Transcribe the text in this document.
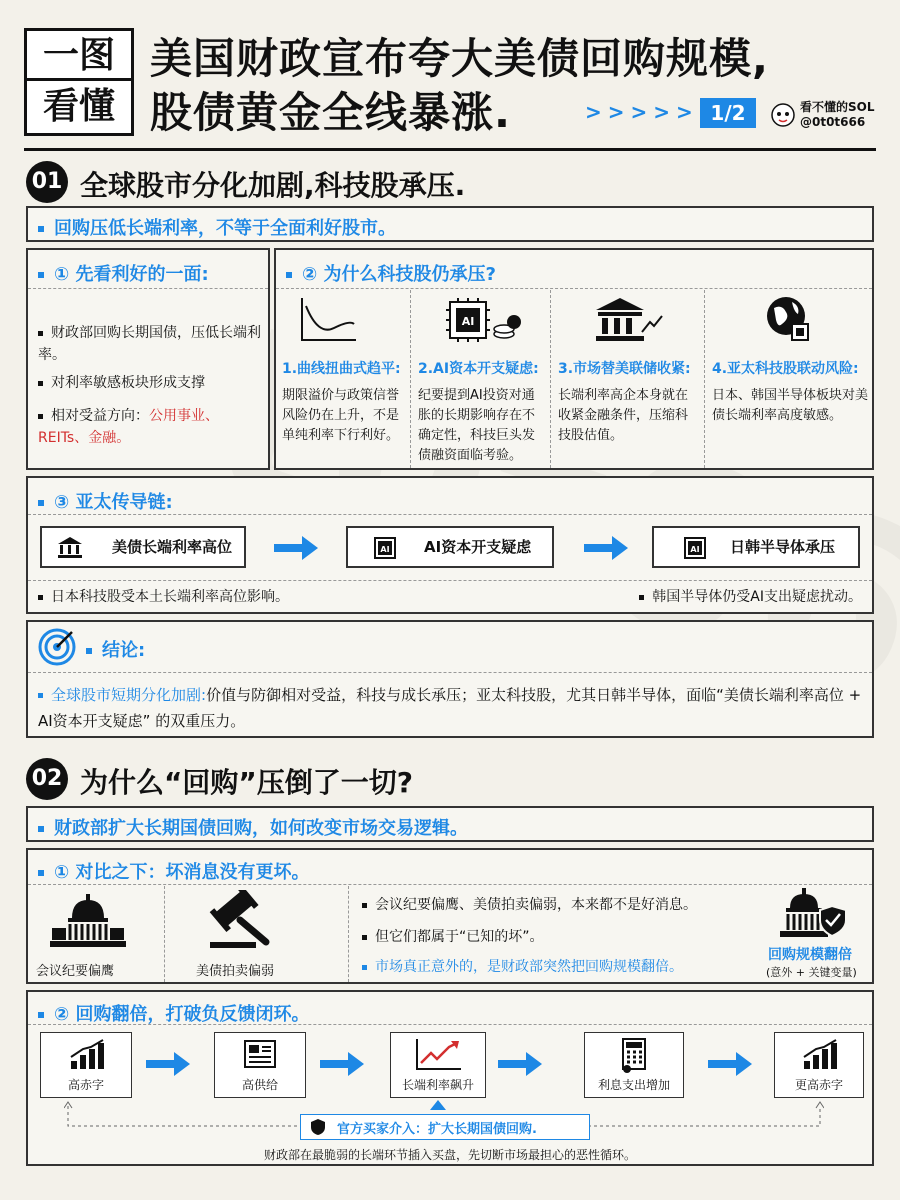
一图
看懂
美国财政宣布夸大美债回购规模,
股债黄金全线暴涨.	>>>>> 1/2	看不懂的SOL
@0t0t666
01 全球股市分化加剧,科技股承压.
回购压低长端利率，不等于全面利好股市。
① 先看利好的一面:
财政部回购长期国债，压低长端利率。
对利率敏感板块形成支撑
相对受益方向：公用事业、REITs、金融。
② 为什么科技股仍承压?
1.曲线扭曲式趋平:
期限溢价与政策信誉风险仍在上升，不是单纯利率下行利好。
AI
2.AI资本开支疑虑:
纪要提到AI投资对通胀的长期影响存在不确定性，科技巨头发债融资面临考验。
3.市场替美联储收紧:
长端利率高企本身就在收紧金融条件，压缩科技股估值。
4.亚太科技股联动风险:
日本、韩国半导体板块对美债长端利率高度敏感。
③ 亚太传导链:
美债长端利率高位	AI AI资本开支疑虑	AI 日韩半导体承压
日本科技股受本土长端利率高位影响。	韩国半导体仍受AI支出疑虑扰动。
结论:
全球股市短期分化加剧:价值与防御相对受益，科技与成长承压；亚太科技股，尤其日韩半导体，面临“美债长端利率高位 + AI资本开支疑虑” 的双重压力。
02 为什么“回购”压倒了一切?
财政部扩大长期国债回购，如何改变市场交易逻辑。
① 对比之下：坏消息没有更坏。
会议纪要偏鹰	美债拍卖偏弱
会议纪要偏鹰、美债拍卖偏弱，本来都不是好消息。
但它们都属于“已知的坏”。
市场真正意外的，是财政部突然把回购规模翻倍。
回购规模翻倍
(意外 + 关键变量)
② 回购翻倍，打破负反馈闭环。
高赤字	高供给	长端利率飙升	利息支出增加	更高赤字
官方买家介入：扩大长期国债回购.
财政部在最脆弱的长端环节插入买盘，先切断市场最担心的恶性循环。
